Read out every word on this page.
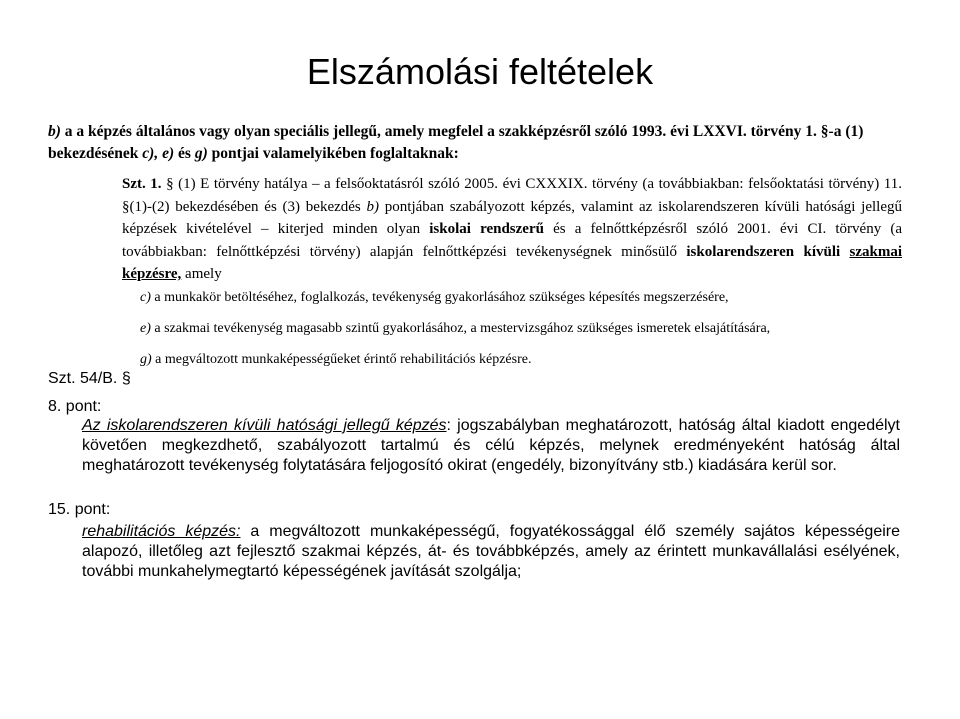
Elszámolási feltételek
b) a a képzés általános vagy olyan speciális jellegű, amely megfelel a szakképzésről szóló 1993. évi LXXVI. törvény 1. §-a (1) bekezdésének c), e) és g) pontjai valamelyikében foglaltaknak:
Szt. 1. § (1) E törvény hatálya – a felsőoktatásról szóló 2005. évi CXXXIX. törvény (a továbbiakban: felsőoktatási törvény) 11. §(1)-(2) bekezdésében és (3) bekezdés b) pontjában szabályozott képzés, valamint az iskolarendszeren kívüli hatósági jellegű képzések kivételével – kiterjed minden olyan iskolai rendszerű és a felnőttképzésről szóló 2001. évi CI. törvény (a továbbiakban: felnőttképzési törvény) alapján felnőttképzési tevékenységnek minősülő iskolarendszeren kívüli szakmai képzésre, amely
c) a munkakör betöltéséhez, foglalkozás, tevékenység gyakorlásához szükséges képesítés megszerzésére,
e) a szakmai tevékenység magasabb szintű gyakorlásához, a mestervizsgához szükséges ismeretek elsajátítására,
g) a megváltozott munkaképességűeket érintő rehabilitációs képzésre.
Szt. 54/B. §
8. pont:
Az iskolarendszeren kívüli hatósági jellegű képzés: jogszabályban meghatározott, hatóság által kiadott engedélyt követően megkezdhető, szabályozott tartalmú és célú képzés, melynek eredményeként hatóság által meghatározott tevékenység folytatására feljogosító okirat (engedély, bizonyítvány stb.) kiadására kerül sor.
15. pont:
rehabilitációs képzés: a megváltozott munkaképességű, fogyatékossággal élő személy sajátos képességeire alapozó, illetőleg azt fejlesztő szakmai képzés, át- és továbbképzés, amely az érintett munkavállalási esélyének, további munkahelymegtartó képességének javítását szolgálja;
